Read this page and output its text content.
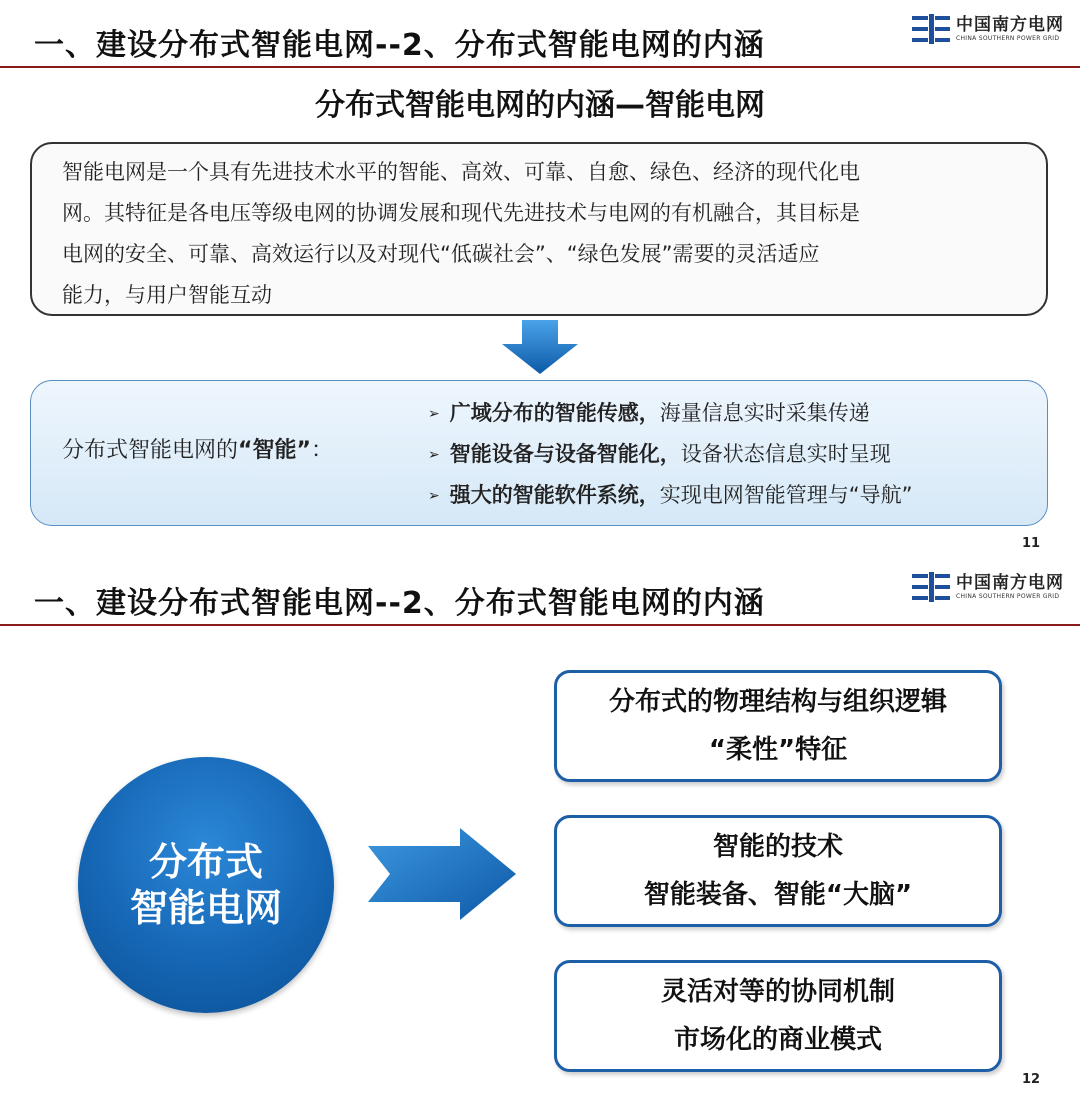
一、建设分布式智能电网--2、分布式智能电网的内涵
中国南方电网
CHINA SOUTHERN POWER GRID
分布式智能电网的内涵—智能电网
智能电网是一个具有先进技术水平的智能、高效、可靠、自愈、绿色、经济的现代化电
网。其特征是各电压等级电网的协调发展和现代先进技术与电网的有机融合，其目标是
电网的安全、可靠、高效运行以及对现代“低碳社会”、“绿色发展”需要的灵活适应
能力，与用户智能互动
分布式智能电网的“智能”：
➢ 广域分布的智能传感，海量信息实时采集传递
➢ 智能设备与设备智能化，设备状态信息实时呈现
➢ 强大的智能软件系统，实现电网智能管理与“导航”
11
一、建设分布式智能电网--2、分布式智能电网的内涵
中国南方电网
CHINA SOUTHERN POWER GRID
分布式
智能电网
分布式的物理结构与组织逻辑
“柔性”特征
智能的技术
智能装备、智能“大脑”
灵活对等的协同机制
市场化的商业模式
12
